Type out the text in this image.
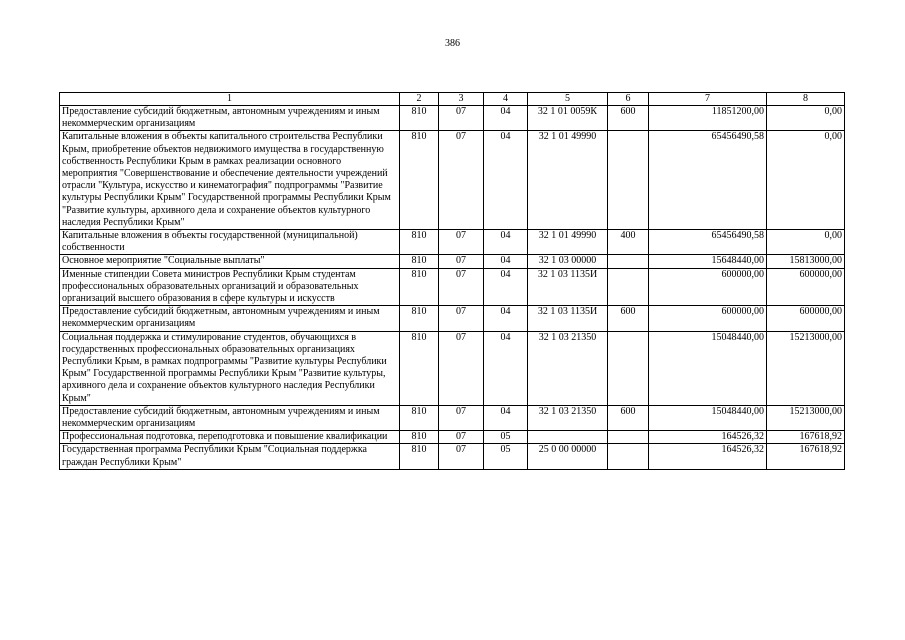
386
1	2	3	4	5	6	7	8
Предоставление субсидий бюджетным, автономным учреждениям и иным некоммерческим организациям	810	07	04	32 1 01 0059К	600	11851200,00	0,00
Капитальные вложения в объекты капитального строительства Республики Крым, приобретение объектов недвижимого имущества в государственную собственность Республики Крым в рамках реализации основного мероприятия "Совершенствование и обеспечение деятельности учреждений отрасли "Культура, искусство и кинематография" подпрограммы "Развитие культуры Республики Крым" Государственной программы Республики Крым "Развитие культуры, архивного дела и сохранение объектов культурного наследия Республики Крым"	810	07	04	32 1 01 49990		65456490,58	0,00
Капитальные вложения в объекты государственной (муниципальной) собственности	810	07	04	32 1 01 49990	400	65456490,58	0,00
Основное мероприятие "Социальные выплаты"	810	07	04	32 1 03 00000		15648440,00	15813000,00
Именные стипендии Совета министров Республики Крым студентам профессиональных образовательных организаций и образовательных организаций высшего образования в сфере культуры и искусств	810	07	04	32 1 03 1135И		600000,00	600000,00
Предоставление субсидий бюджетным, автономным учреждениям и иным некоммерческим организациям	810	07	04	32 1 03 1135И	600	600000,00	600000,00
Социальная поддержка и стимулирование студентов, обучающихся в государственных профессиональных образовательных организациях Республики Крым, в рамках подпрограммы "Развитие культуры Республики Крым" Государственной программы Республики Крым "Развитие культуры, архивного дела и сохранение объектов культурного наследия Республики Крым"	810	07	04	32 1 03 21350		15048440,00	15213000,00
Предоставление субсидий бюджетным, автономным учреждениям и иным некоммерческим организациям	810	07	04	32 1 03 21350	600	15048440,00	15213000,00
Профессиональная подготовка, переподготовка и повышение квалификации	810	07	05			164526,32	167618,92
Государственная программа Республики Крым "Социальная поддержка граждан Республики Крым"	810	07	05	25 0 00 00000		164526,32	167618,92
